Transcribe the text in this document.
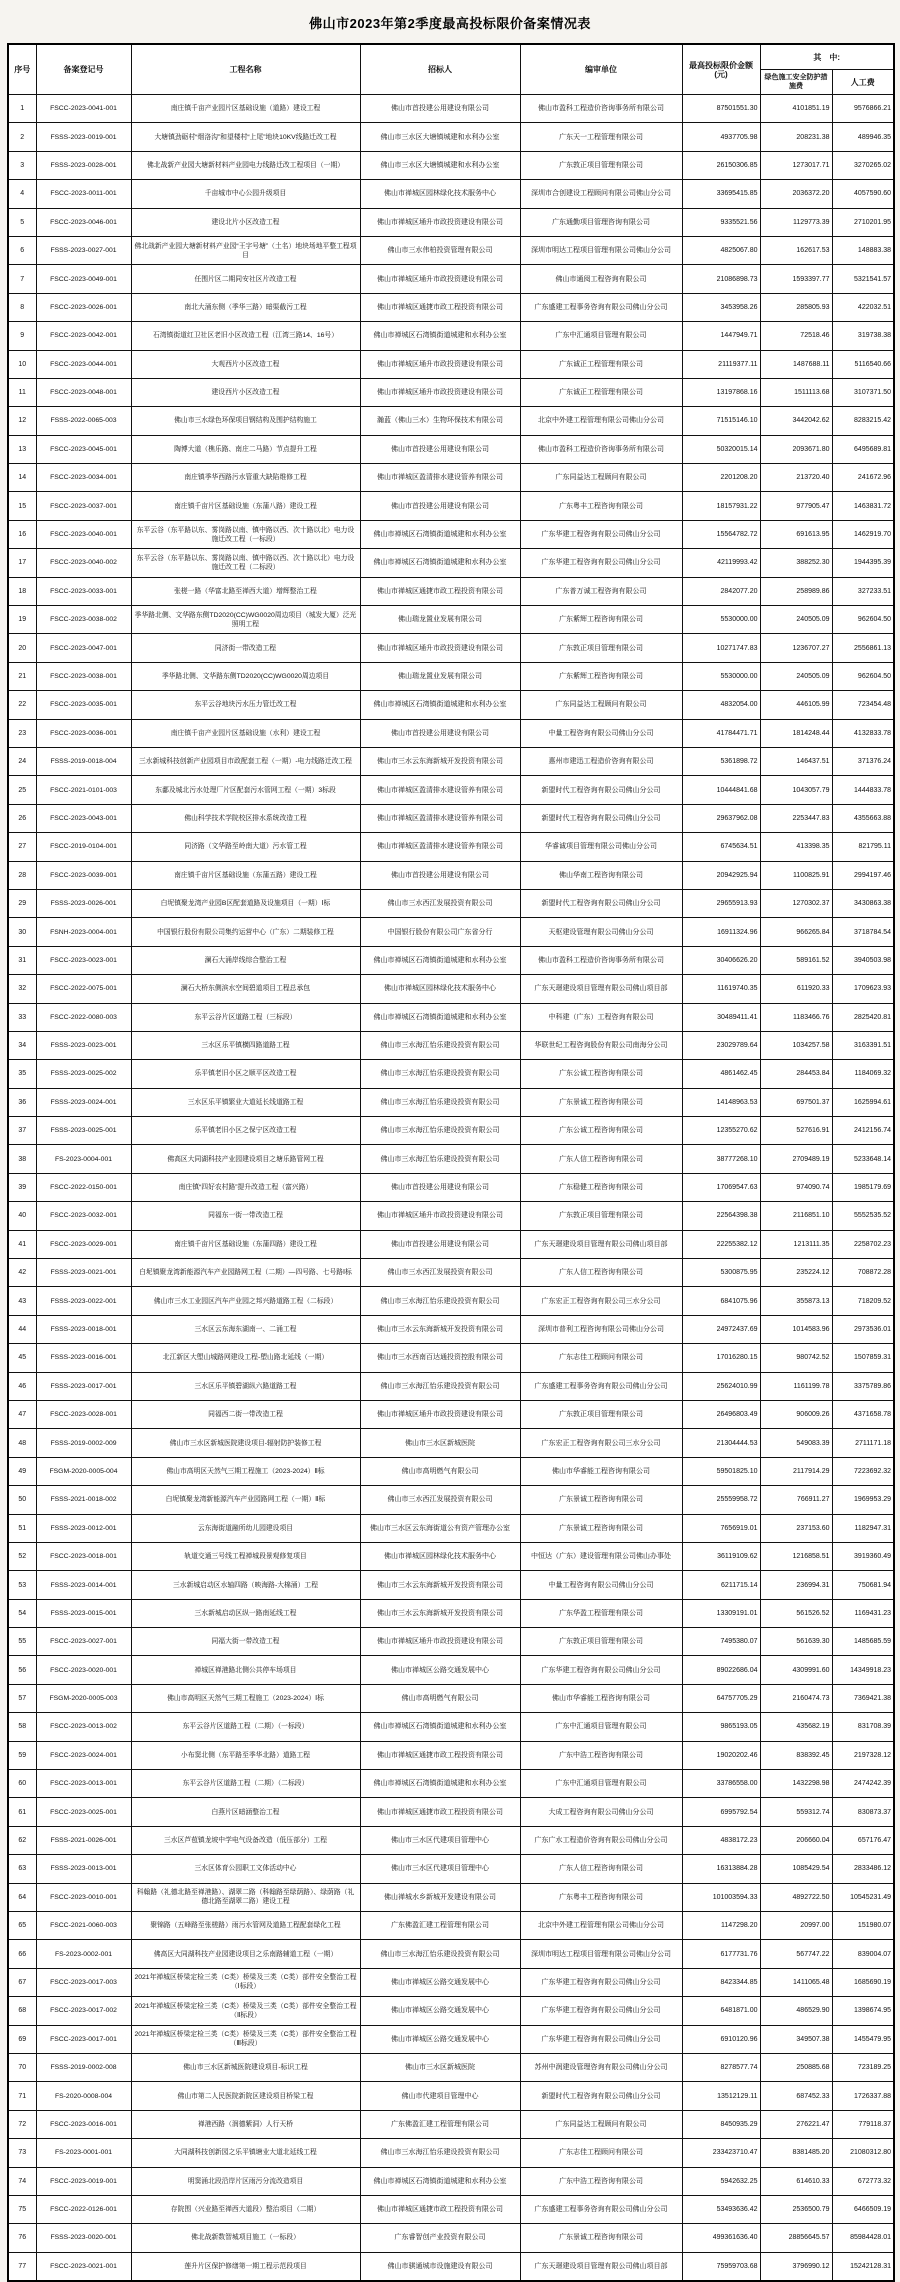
佛山市2023年第2季度最高投标限价备案情况表
序号	备案登记号	工程名称	招标人	编审单位	最高投标限价金额(元)	其　中:	
						绿色施工安全防护措施费	人工费
1	FSCC-2023-0041-001	南庄镇千亩产业园片区基础设施（道路）建设工程	佛山市首投建公用建设有限公司	佛山市盈科工程造价咨询事务所有限公司	87501551.30	4101851.19	9576866.21
2	FSSS-2023-0019-001	大塘镇劲砺村“烟洛沟”和望楼村“上尾”地块10KV线路迁改工程	佛山市三水区大塘镇城建和水利办公室	广东天一工程管理有限公司	4937705.98	208231.38	489946.35
3	FSSS-2023-0028-001	佛北战新产业园大塘新材料产业园电力线路迁改工程项目（一期）	佛山市三水区大塘镇城建和水利办公室	广东敦正项目管理有限公司	26150306.85	1273017.71	3270265.02
4	FSCC-2023-0011-001	千亩城市中心公园升级项目	佛山市禅城区园林绿化技术服务中心	深圳市合创建设工程顾问有限公司佛山分公司	33695415.85	2036372.20	4057590.60
5	FSCC-2023-0046-001	建设北片小区改造工程	佛山市禅城区埇升市政投资建设有限公司	广东通勤项目管理咨询有限公司	9335521.56	1129773.39	2710201.95
6	FSSS-2023-0027-001	佛北战新产业园大塘新材料产业园“王字号塘”（土名）地块场地平整工程项目	佛山市三水伟柏投资管理有限公司	深圳市明达工程项目管理有限公司佛山分公司	4825067.80	162617.53	148883.38
7	FSCC-2023-0049-001	任围片区二期同安社区片改造工程	佛山市禅城区埇升市政投资建设有限公司	佛山市通阅工程咨询有限公司	21086898.73	1593397.77	5321541.57
8	FSCC-2023-0026-001	南北大涌东侧（季华三路）暗渠截污工程	佛山市禅城区通捷市政工程投资有限公司	广东盛建工程事务咨询有限公司佛山分公司	3453958.26	285805.93	422032.51
9	FSCC-2023-0042-001	石湾镇街道红卫社区老旧小区改造工程（江湾三路14、16号）	佛山市禅城区石湾镇街道城建和水利办公室	广东中汇通项目管理有限公司	1447949.71	72518.46	319738.38
10	FSCC-2023-0044-001	大观西片小区改造工程	佛山市禅城区埇升市政投资建设有限公司	广东诚正工程管理有限公司	21119377.11	1487688.11	5116540.66
11	FSCC-2023-0048-001	建设西片小区改造工程	佛山市禅城区埇升市政投资建设有限公司	广东诚正工程管理有限公司	13197868.16	1511113.68	3107371.50
12	FSSS-2022-0065-003	佛山市三水绿色环保项目钢结构及围护结构施工	瀚蓝（佛山三水）生物环保技术有限公司	北京中外建工程管理有限公司佛山分公司	71515146.10	3442042.62	8283215.42
13	FSCC-2023-0045-001	陶博大道（樵乐路、南庄二马路）节点提升工程	佛山市首投建公用建设有限公司	佛山市盈科工程造价咨询事务所有限公司	50320015.14	2093671.80	6495689.81
14	FSCC-2023-0034-001	南庄镇季华西路污水管重大缺陷维修工程	佛山市禅城区盈清排水建设管养有限公司	广东同益达工程顾问有限公司	2201208.20	213720.40	241672.96
15	FSCC-2023-0037-001	南庄镇千亩片区基础设施（东蒲八路）建设工程	佛山市首投建公用建设有限公司	广东粤丰工程咨询有限公司	18157931.22	977905.47	1463831.72
16	FSCC-2023-0040-001	东平云谷（东平路以东、雾岗路以南、镇中路以西、次十路以北）电力设施迁改工程（一标段）	佛山市禅城区石湾镇街道城建和水利办公室	广东华建工程咨询有限公司佛山分公司	15564782.72	691613.95	1462919.70
17	FSCC-2023-0040-002	东平云谷（东平路以东、雾岗路以南、镇中路以西、次十路以北）电力设施迁改工程（二标段）	佛山市禅城区石湾镇街道城建和水利办公室	广东华建工程咨询有限公司佛山分公司	42119993.42	388252.30	1944395.39
18	FSCC-2023-0033-001	张槎一路（华富北路至禅西大道）增辉整治工程	佛山市禅城区通捷市政工程投资有限公司	广东普万诚工程咨询有限公司	2842077.20	258989.86	327233.51
19	FSCC-2023-0038-002	季华路北侧、文华路东侧TD2020(CC)WG0020周边项目（城发大厦）泛光照明工程	佛山瑞龙置业发展有限公司	广东紫辉工程咨询有限公司	5530000.00	240505.09	962604.50
20	FSCC-2023-0047-001	同济街一带改造工程	佛山市禅城区埇升市政投资建设有限公司	广东敦正项目管理有限公司	10271747.83	1236707.27	2556861.13
21	FSCC-2023-0038-001	季华路北侧、文华路东侧TD2020(CC)WG0020周边项目	佛山瑞龙置业发展有限公司	广东紫辉工程咨询有限公司	5530000.00	240505.09	962604.50
22	FSCC-2023-0035-001	东平云谷地块污水压力管迁改工程	佛山市禅城区石湾镇街道城建和水利办公室	广东同益达工程顾问有限公司	4832054.00	446105.99	723454.48
23	FSCC-2023-0036-001	南庄镇千亩产业园片区基础设施（水利）建设工程	佛山市首投建公用建设有限公司	中量工程咨询有限公司佛山分公司	41784471.71	1814248.44	4132833.78
24	FSSS-2019-0018-004	三水新城科技创新产业园项目市政配套工程（一期）-电力线路迁改工程	佛山市三水云东海新城开发投资有限公司	惠州市建迅工程造价咨询有限公司	5361898.72	146437.51	371376.24
25	FSCC-2021-0101-003	东鄱及城北污水处理厂片区配套污水管网工程（一期）3标段	佛山市禅城区盈清排水建设管养有限公司	新盟时代工程咨询有限公司佛山分公司	10444841.68	1043057.79	1444833.78
26	FSCC-2023-0043-001	佛山科学技术学院校区排水系统改造工程	佛山市禅城区盈清排水建设管养有限公司	新盟时代工程咨询有限公司佛山分公司	29637962.08	2253447.83	4355663.88
27	FSCC-2019-0104-001	同济路（文华路至岭南大道）污水管工程	佛山市禅城区盈清排水建设管养有限公司	华睿诚项目管理有限公司佛山分公司	6745634.51	413398.35	821795.11
28	FSCC-2023-0039-001	南庄镇千亩片区基础设施（东蒲五路）建设工程	佛山市首投建公用建设有限公司	佛山华南工程咨询有限公司	20942925.94	1100825.91	2994197.46
29	FSSS-2023-0026-001	白坭镇聚龙湾产业园B区配套道路及设施项目（一期）Ⅰ标	佛山市三水西江发展投资有限公司	新盟时代工程咨询有限公司佛山分公司	29655913.93	1270302.37	3430863.38
30	FSNH-2023-0004-001	中国银行股份有限公司集约运营中心（广东）二期装修工程	中国银行股份有限公司广东省分行	天枢建设管理有限公司佛山分公司	16911324.96	966265.84	3718784.54
31	FSCC-2023-0023-001	澜石大涌岸线综合整治工程	佛山市禅城区石湾镇街道城建和水利办公室	佛山市盈科工程造价咨询事务所有限公司	30406626.20	589161.52	3940503.98
32	FSCC-2022-0075-001	澜石大桥东侧滨水空间碧道项目工程总承包	佛山市禅城区园林绿化技术服务中心	广东天璟建设项目管理有限公司佛山项目部	11619740.35	611920.33	1709623.93
33	FSCC-2022-0080-003	东平云谷片区道路工程（三标段）	佛山市禅城区石湾镇街道城建和水利办公室	中科建（广东）工程咨询有限公司	30489411.41	1183466.76	2825420.81
34	FSSS-2023-0023-001	三水区乐平镇横四路道路工程	佛山市三水海江怡乐建设投资有限公司	华联世纪工程咨询股份有限公司南海分公司	23029789.64	1034257.58	3163391.51
35	FSSS-2023-0025-002	乐平镇老旧小区之顺平区改造工程	佛山市三水海江怡乐建设投资有限公司	广东公诚工程咨询有限公司	4861462.45	284453.84	1184069.32
36	FSSS-2023-0024-001	三水区乐平镇繁业大道延长线道路工程	佛山市三水海江怡乐建设投资有限公司	广东景诚工程咨询有限公司	14148963.53	697501.37	1625994.61
37	FSSS-2023-0025-001	乐平镇老旧小区之保宁区改造工程	佛山市三水海江怡乐建设投资有限公司	广东公诚工程咨询有限公司	12355270.62	527616.91	2412156.74
38	FS-2023-0004-001	佛高区大同湖科技产业园建设项目之塘乐路管网工程	佛山市三水海江怡乐建设投资有限公司	广东人信工程咨询有限公司	38777268.10	2709489.19	5233648.14
39	FSCC-2022-0150-001	南庄镇“四好农村路”提升改造工程（富兴路）	佛山市首投建公用建设有限公司	广东稳健工程咨询有限公司	17069547.63	974090.74	1985179.69
40	FSCC-2023-0032-001	同福东一街一带改造工程	佛山市禅城区埇升市政投资建设有限公司	广东敦正项目管理有限公司	22564398.38	2116851.10	5552535.52
41	FSCC-2023-0029-001	南庄镇千亩片区基础设施（东蒲四路）建设工程	佛山市首投建公用建设有限公司	广东天璟建设项目管理有限公司佛山项目部	22255382.12	1213111.35	2258702.23
42	FSSS-2023-0021-001	白坭镇聚龙湾新能源汽车产业园路网工程（二期）—四号路、七号路Ⅰ标	佛山市三水西江发展投资有限公司	广东人信工程咨询有限公司	5300875.95	235224.12	708872.28
43	FSSS-2023-0022-001	佛山市三水工业园区汽车产业园之邦兴路道路工程（二标段）	佛山市三水海江怡乐建设投资有限公司	广东宏正工程咨询有限公司三水分公司	6841075.96	355873.13	718209.52
44	FSSS-2023-0018-001	三水区云东海东湖南一、二涌工程	佛山市三水云东海新城开发投资有限公司	深圳市普利工程咨询有限公司佛山分公司	24972437.69	1014583.96	2973536.01
45	FSSS-2023-0016-001	北江新区大塱山城路网建设工程-塱山路北延线（一期）	佛山市三水西南百达通投资控股有限公司	广东志佳工程顾问有限公司	17016280.15	980742.52	1507859.31
46	FSSS-2023-0017-001	三水区乐平镇碧湖纵六路道路工程	佛山市三水海江怡乐建设投资有限公司	广东盛建工程事务咨询有限公司佛山分公司	25624010.99	1161199.78	3375789.86
47	FSCC-2023-0028-001	同福西二街一带改造工程	佛山市禅城区埇升市政投资建设有限公司	广东敦正项目管理有限公司	26496803.49	906009.26	4371658.78
48	FSSS-2019-0002-009	佛山市三水区新城医院建设项目-辐射防护装修工程	佛山市三水区新城医院	广东宏正工程咨询有限公司三水分公司	21304444.53	549083.39	2711171.18
49	FSGM-2020-0005-004	佛山市高明区天然气三期工程施工（2023-2024）Ⅱ标	佛山市高明燃气有限公司	佛山市华睿能工程咨询有限公司	59501825.10	2117914.29	7223692.32
50	FSSS-2021-0018-002	白坭镇聚龙湾新能源汽车产业园路网工程（一期）Ⅱ标	佛山市三水西江发展投资有限公司	广东景诚工程咨询有限公司	25559958.72	766911.27	1969953.29
51	FSSS-2023-0012-001	云东海街道融所幼儿园建设项目	佛山市三水区云东海街道公有资产管理办公室	广东景诚工程咨询有限公司	7656919.01	237153.60	1182947.31
52	FSCC-2023-0018-001	轨道交通三号线工程禅城段景观修复项目	佛山市禅城区园林绿化技术服务中心	中恒达（广东）建设管理有限公司佛山办事处	36119109.62	1216858.51	3919360.49
53	FSSS-2023-0014-001	三水新城启动区水轴四路（映海路-大棉涌）工程	佛山市三水云东海新城开发投资有限公司	中量工程咨询有限公司佛山分公司	6211715.14	236994.31	750681.94
54	FSSS-2023-0015-001	三水新城启动区纵一路南延线工程	佛山市三水云东海新城开发投资有限公司	广东华盈工程管理有限公司	13309191.01	561526.52	1169431.23
55	FSCC-2023-0027-001	同福大街一带改造工程	佛山市禅城区埇升市政投资建设有限公司	广东敦正项目管理有限公司	7495380.07	561639.30	1485685.59
56	FSCC-2023-0020-001	禅城区禅港路北侧公共停车场项目	佛山市禅城区公路交通发展中心	广东华建工程咨询有限公司佛山分公司	89022686.04	4309991.60	14349918.23
57	FSGM-2020-0005-003	佛山市高明区天然气三期工程施工（2023-2024）Ⅰ标	佛山市高明燃气有限公司	佛山市华睿能工程咨询有限公司	64757705.29	2160474.73	7369421.38
58	FSCC-2023-0013-002	东平云谷片区道路工程（二期）（一标段）	佛山市禅城区石湾镇街道城建和水利办公室	广东中汇通项目管理有限公司	9865193.05	435682.19	831708.39
59	FSCC-2023-0024-001	小布窦北侧（东平路至季华北路）道路工程	佛山市禅城区通捷市政工程投资有限公司	广东中浩工程咨询有限公司	19020202.46	838392.45	2197328.12
60	FSCC-2023-0013-001	东平云谷片区道路工程（二期）（二标段）	佛山市禅城区石湾镇街道城建和水利办公室	广东中汇通项目管理有限公司	33786558.00	1432298.98	2474242.39
61	FSCC-2023-0025-001	白燕片区暗涵整治工程	佛山市禅城区通捷市政工程投资有限公司	大成工程咨询有限公司佛山分公司	6995792.54	559312.74	830873.37
62	FSSS-2021-0026-001	三水区芦苞镇龙坡中学电气设备改造（低压部分）工程	佛山市三水区代建项目管理中心	广东广水工程造价咨询有限公司佛山分公司	4838172.23	206660.04	657176.47
63	FSSS-2023-0013-001	三水区体育公园职工文体活动中心	佛山市三水区代建项目管理中心	广东人信工程咨询有限公司	16313884.28	1085429.54	2833486.12
64	FSCC-2023-0010-001	科翰路（礼德北路至禅港路）、湖翠二路（科翰路至绿荫路）、绿荫路（礼德北路至湖翠二路）建设工程	佛山禅城水乡新城开发建设有限公司	广东粤丰工程咨询有限公司	101003594.33	4892722.50	10545231.49
65	FSCC-2021-0060-003	聚锦路（五峰路至张槎路）雨污水管网及道路工程配套绿化工程	广东佛盈汇建工程管理有限公司	北京中外建工程管理有限公司佛山分公司	1147298.20	20997.00	151980.07
66	FS-2023-0002-001	佛高区大同湖科技产业园建设项目之乐南路辅道工程（一期）	佛山市三水海江怡乐建设投资有限公司	深圳市明达工程项目管理有限公司佛山分公司	6177731.76	567747.22	839004.07
67	FSCC-2023-0017-003	2021年禅城区桥梁定检三类（C类）桥梁及三类（C类）部件安全整治工程（Ⅰ标段）	佛山市禅城区公路交通发展中心	广东华建工程咨询有限公司佛山分公司	8423344.85	1411065.48	1685690.19
68	FSCC-2023-0017-002	2021年禅城区桥梁定检三类（C类）桥梁及三类（C类）部件安全整治工程（Ⅱ标段）	佛山市禅城区公路交通发展中心	广东华建工程咨询有限公司佛山分公司	6481871.00	486529.90	1398674.95
69	FSCC-2023-0017-001	2021年禅城区桥梁定检三类（C类）桥梁及三类（C类）部件安全整治工程（Ⅲ标段）	佛山市禅城区公路交通发展中心	广东华建工程咨询有限公司佛山分公司	6910120.96	349507.38	1455479.95
70	FSSS-2019-0002-008	佛山市三水区新城医院建设项目-标识工程	佛山市三水区新城医院	苏州中润建设管理咨询有限公司佛山分公司	8278577.74	250885.68	723189.25
71	FS-2020-0008-004	佛山市第二人民医院新院区建设项目桥梁工程	佛山市代建项目管理中心	新盟时代工程咨询有限公司佛山分公司	13512129.11	687452.33	1726337.88
72	FSCC-2023-0016-001	禅港西路（润德紫洞）人行天桥	广东佛盈汇建工程管理有限公司	广东同益达工程顾问有限公司	8450935.29	276221.47	779118.37
73	FS-2023-0001-001	大同湖科技创新园之乐平镇塘业大道北延线工程	佛山市三水海江怡乐建设投资有限公司	广东志佳工程顾问有限公司	233423710.47	8381485.20	21080312.80
74	FSCC-2023-0019-001	明窦涌北段沿岸片区雨污分流改造项目	佛山市禅城区石湾镇街道城建和水利办公室	广东中浩工程咨询有限公司	5942632.25	614610.33	672773.32
75	FSCC-2022-0126-001	存院围（兴业路至禅西大道段）整治项目（二期）	佛山市禅城区通捷市政工程投资有限公司	广东盛建工程事务咨询有限公司佛山分公司	53493636.42	2536500.79	6466509.19
76	FSSS-2023-0020-001	佛北战新数智城项目施工（一标段）	广东睿智创产业投资有限公司	广东景诚工程咨询有限公司	499361636.40	28856645.57	85984428.01
77	FSCC-2023-0021-001	莲升片区保护修缮第一期工程示范段项目	佛山市骐通城市设施建设有限公司	广东天璟建设项目管理有限公司佛山项目部	75959703.68	3796990.12	15242128.31
